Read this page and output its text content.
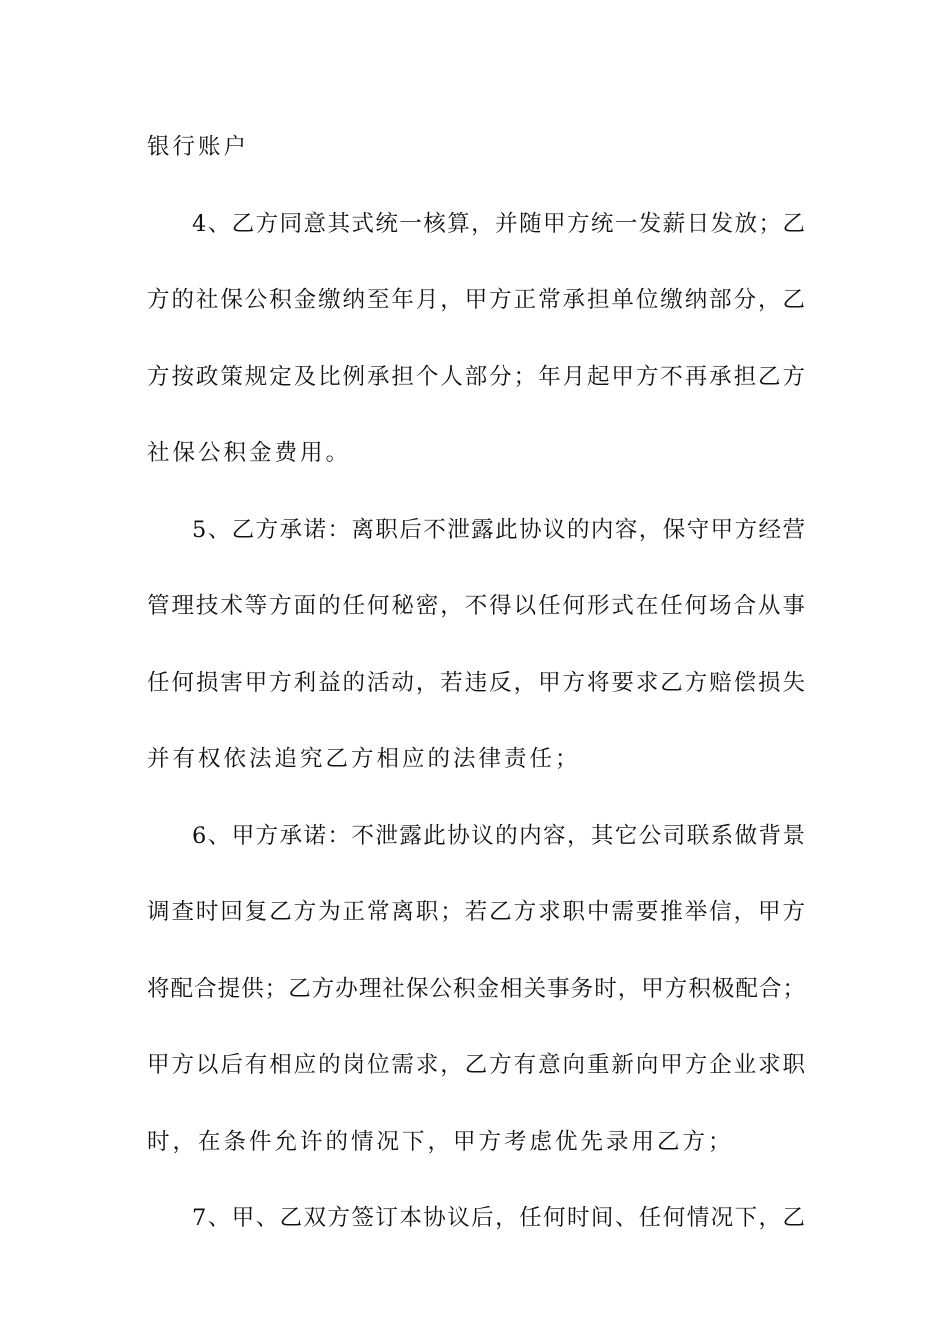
银行账户
4、乙方同意其式统一核算，并随甲方统一发薪日发放；乙
方的社保公积金缴纳至年月，甲方正常承担单位缴纳部分，乙
方按政策规定及比例承担个人部分；年月起甲方不再承担乙方
社保公积金费用。
5、乙方承诺：离职后不泄露此协议的内容，保守甲方经营
管理技术等方面的任何秘密，不得以任何形式在任何场合从事
任何损害甲方利益的活动，若违反，甲方将要求乙方赔偿损失
并有权依法追究乙方相应的法律责任；
6、甲方承诺：不泄露此协议的内容，其它公司联系做背景
调查时回复乙方为正常离职；若乙方求职中需要推举信，甲方
将配合提供；乙方办理社保公积金相关事务时，甲方积极配合；
甲方以后有相应的岗位需求，乙方有意向重新向甲方企业求职
时，在条件允许的情况下，甲方考虑优先录用乙方；
7、甲、乙双方签订本协议后，任何时间、任何情况下，乙
